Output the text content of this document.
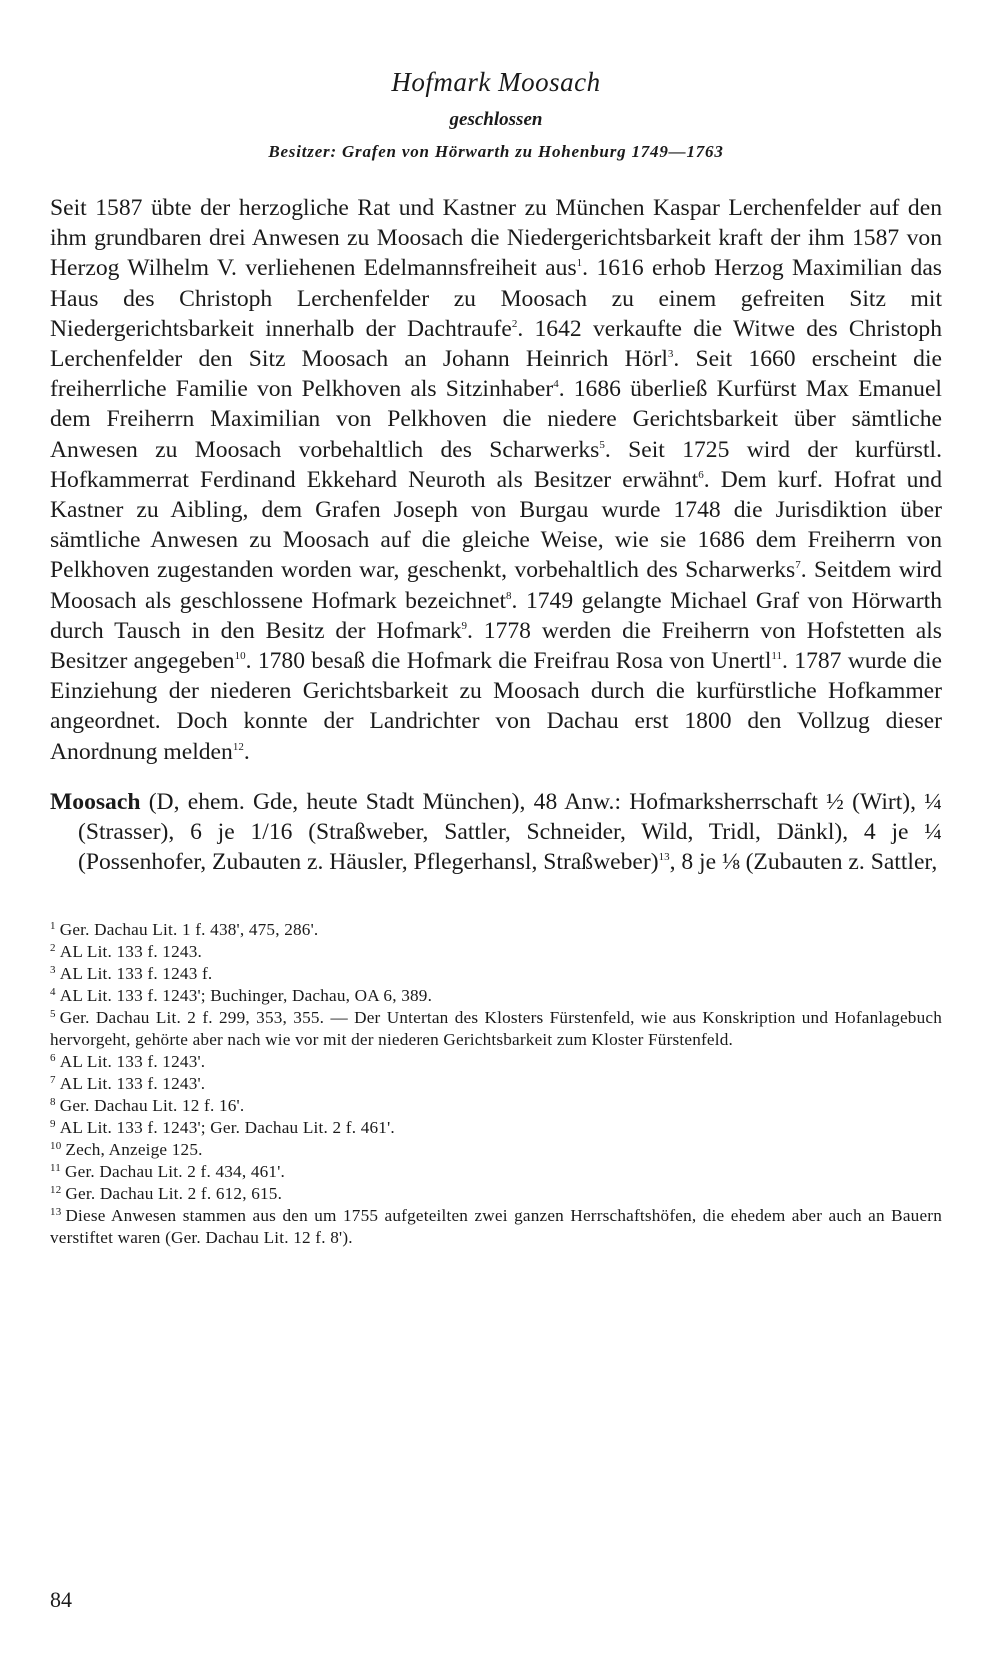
Hofmark Moosach
geschlossen
Besitzer: Grafen von Hörwarth zu Hohenburg 1749—1763

Seit 1587 übte der herzogliche Rat und Kastner zu München Kaspar Lerchenfelder auf den ihm grundbaren drei Anwesen zu Moosach die Niedergerichtsbarkeit kraft der ihm 1587 von Herzog Wilhelm V. verliehenen Edelmannsfreiheit aus$^1$. 1616 erhob Herzog Maximilian das Haus des Christoph Lerchenfelder zu Moosach zu einem gefreiten Sitz mit Niedergerichtsbarkeit innerhalb der Dachtraufe$^2$. 1642 verkaufte die Witwe des Christoph Lerchenfelder den Sitz Moosach an Johann Heinrich Hörl$^3$. Seit 1660 erscheint die freiherrliche Familie von Pelkhoven als Sitzinhaber$^4$. 1686 überließ Kurfürst Max Emanuel dem Freiherrn Maximilian von Pelkhoven die niedere Gerichtsbarkeit über sämtliche Anwesen zu Moosach vorbehaltlich des Scharwerks$^5$. Seit 1725 wird der kurfürstl. Hofkammerrat Ferdinand Ekkehard Neuroth als Besitzer erwähnt$^6$. Dem kurf. Hofrat und Kastner zu Aibling, dem Grafen Joseph von Burgau wurde 1748 die Jurisdiktion über sämtliche Anwesen zu Moosach auf die gleiche Weise, wie sie 1686 dem Freiherrn von Pelkhoven zugestanden worden war, geschenkt, vorbehaltlich des Scharwerks$^7$. Seitdem wird Moosach als geschlossene Hofmark bezeichnet$^8$. 1749 gelangte Michael Graf von Hörwarth durch Tausch in den Besitz der Hofmark$^9$. 1778 werden die Freiherrn von Hofstetten als Besitzer angegeben$^{10}$. 1780 besaß die Hofmark die Freifrau Rosa von Unertl$^{11}$. 1787 wurde die Einziehung der niederen Gerichtsbarkeit zu Moosach durch die kurfürstliche Hofkammer angeordnet. Doch konnte der Landrichter von Dachau erst 1800 den Vollzug dieser Anordnung melden$^{12}$.

Moosach (D, ehem. Gde, heute Stadt München), 48 Anw.: Hofmarksherrschaft ½ (Wirt), ¼ (Strasser), 6 je 1/16 (Straßweber, Sattler, Schneider, Wild, Tridl, Dänkl), 4 je ¼ (Possenhofer, Zubauten z. Häusler, Pflegerhansl, Straßweber)$^{13}$, 8 je ⅛ (Zubauten z. Sattler,

1 Ger. Dachau Lit. 1 f. 438', 475, 286'.
2 AL Lit. 133 f. 1243.
3 AL Lit. 133 f. 1243 f.
4 AL Lit. 133 f. 1243'; Buchinger, Dachau, OA 6, 389.
5 Ger. Dachau Lit. 2 f. 299, 353, 355. — Der Untertan des Klosters Fürstenfeld, wie aus Konskription und Hofanlagebuch hervorgeht, gehörte aber nach wie vor mit der niederen Gerichtsbarkeit zum Kloster Fürstenfeld.
6 AL Lit. 133 f. 1243'.
7 AL Lit. 133 f. 1243'.
8 Ger. Dachau Lit. 12 f. 16'.
9 AL Lit. 133 f. 1243'; Ger. Dachau Lit. 2 f. 461'.
10 Zech, Anzeige 125.
11 Ger. Dachau Lit. 2 f. 434, 461'.
12 Ger. Dachau Lit. 2 f. 612, 615.
13 Diese Anwesen stammen aus den um 1755 aufgeteilten zwei ganzen Herrschaftshöfen, die ehedem aber auch an Bauern verstiftet waren (Ger. Dachau Lit. 12 f. 8').
84
